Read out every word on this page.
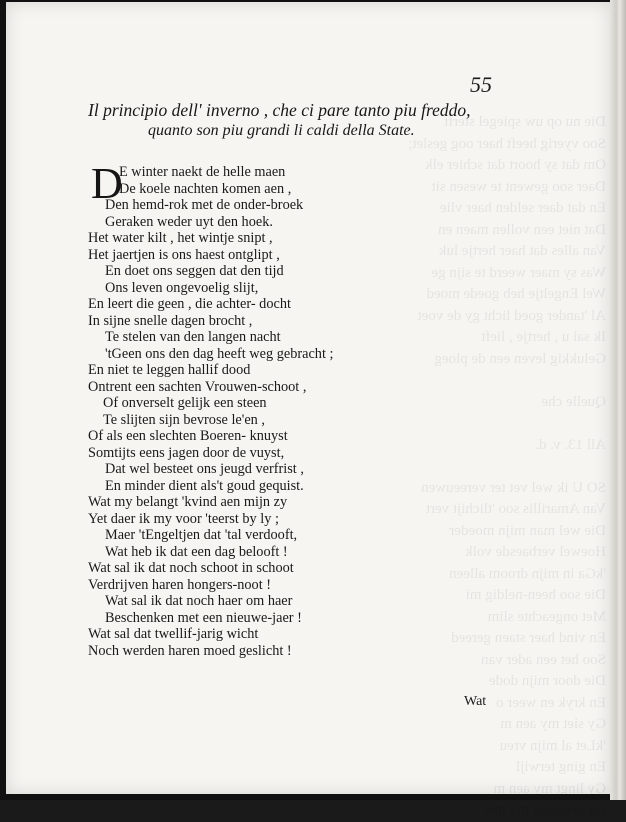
Die nu op uw spiegel sterft
Soo vyerig heeft haer oog geslet;
Om dat sy hoort dat schier elk
Daer soo gewent te wesen sit
En dat daer selden haer vlie
Dat niet een vollen maen en
Van alles dat haer hertje luk
Was sy maer weerd te sijn ge
Wel Engeltje heb goede moed
Al 'tander goed licht gy de voet
Ik sal u , hertje , lieft
Gelukkig leven een de ploeg

Quelle che

All 13. v. d.

SO U ik wel vet ter vereeuwen
Van Amarillis soo 'tlichijt vert
Die wel man mijn moeder
Hoewel verbaesde volk
'kGa in mijn droom alleen
Die soo heen-neldig mi
Met ongeachte slim
En vind haer staen gereed
Soo het een ader van
Die door mijn dode
En kryk en weer o
Gy siet my aen m
'kLet al mijn vreu
En ging terwijl
Gy lingt my aen m
En overgoot my met
55
Il principio dell' inverno , che ci pare tanto piu freddo,
quanto son piu grandi li caldi della State.
D
E winter naekt de helle maen
De koele nachten komen aen ,
Den hemd-rok met de onder-broek
Geraken weder uyt den hoek.
Het water kilt , het wintje snipt ,
Het jaertjen is ons haest ontglipt ,
En doet ons seggen dat den tijd
Ons leven ongevoelig slijt,
En leert die geen , die achter- docht
In sijne snelle dagen brocht ,
Te stelen van den langen nacht
'tGeen ons den dag heeft weg gebracht ;
En niet te leggen hallif dood
Ontrent een sachten Vrouwen-schoot ,
Of onverselt gelijk een steen
Te slijten sijn bevrose le'en ,
Of als een slechten Boeren- knuyst
Somtijts eens jagen door de vuyst,
Dat wel besteet ons jeugd verfrist ,
En minder dient als't goud gequist.
Wat my belangt 'kvind aen mijn zy
Yet daer ik my voor 'teerst by ly ;
Maer 'tEngeltjen dat 'tal verdooft,
Wat heb ik dat een dag belooft !
Wat sal ik dat noch schoot in schoot
Verdrijven haren hongers-noot !
Wat sal ik dat noch haer om haer
Beschenken met een nieuwe-jaer !
Wat sal dat twellif-jarig wicht
Noch werden haren moed geslicht !
Wat
